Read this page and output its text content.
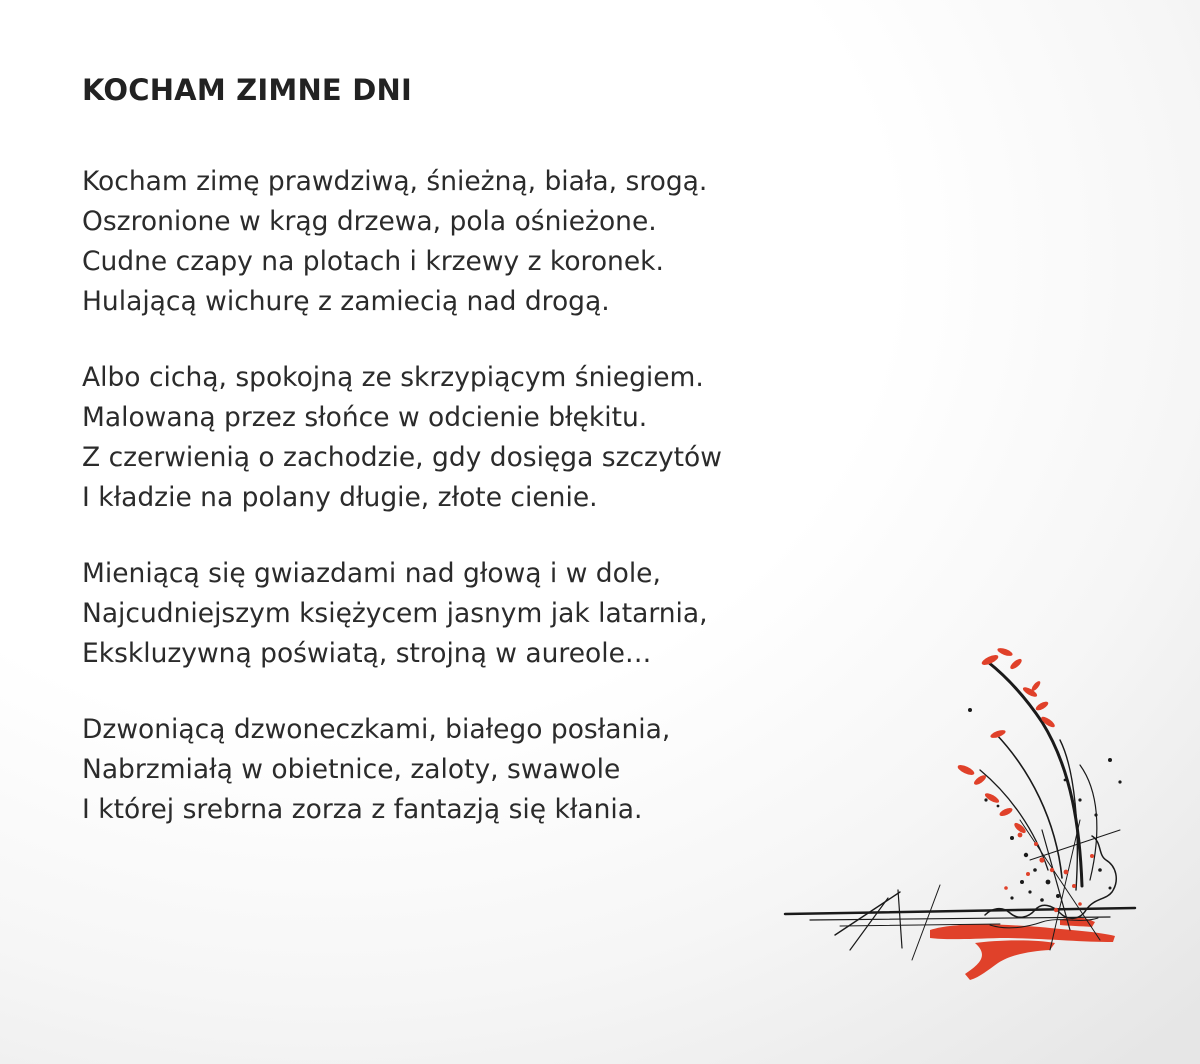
KOCHAM ZIMNE DNI
Kocham zimę prawdziwą, śnieżną, biała, srogą.
Oszronione w krąg drzewa, pola ośnieżone.
Cudne czapy na plotach i krzewy z koronek.
Hulającą wichurę z zamiecią nad drogą.
Albo cichą, spokojną ze skrzypiącym śniegiem.
Malowaną przez słońce w odcienie błękitu.
Z czerwienią o zachodzie, gdy dosięga szczytów
I kładzie na polany długie, złote cienie.
Mieniącą się gwiazdami nad głową i w dole,
Najcudniejszym księżycem jasnym jak latarnia,
Ekskluzywną poświatą, strojną w aureole…
Dzwoniącą dzwoneczkami, białego posłania,
Nabrzmiałą w obietnice, zaloty, swawole
I której srebrna zorza z fantazją się kłania.
